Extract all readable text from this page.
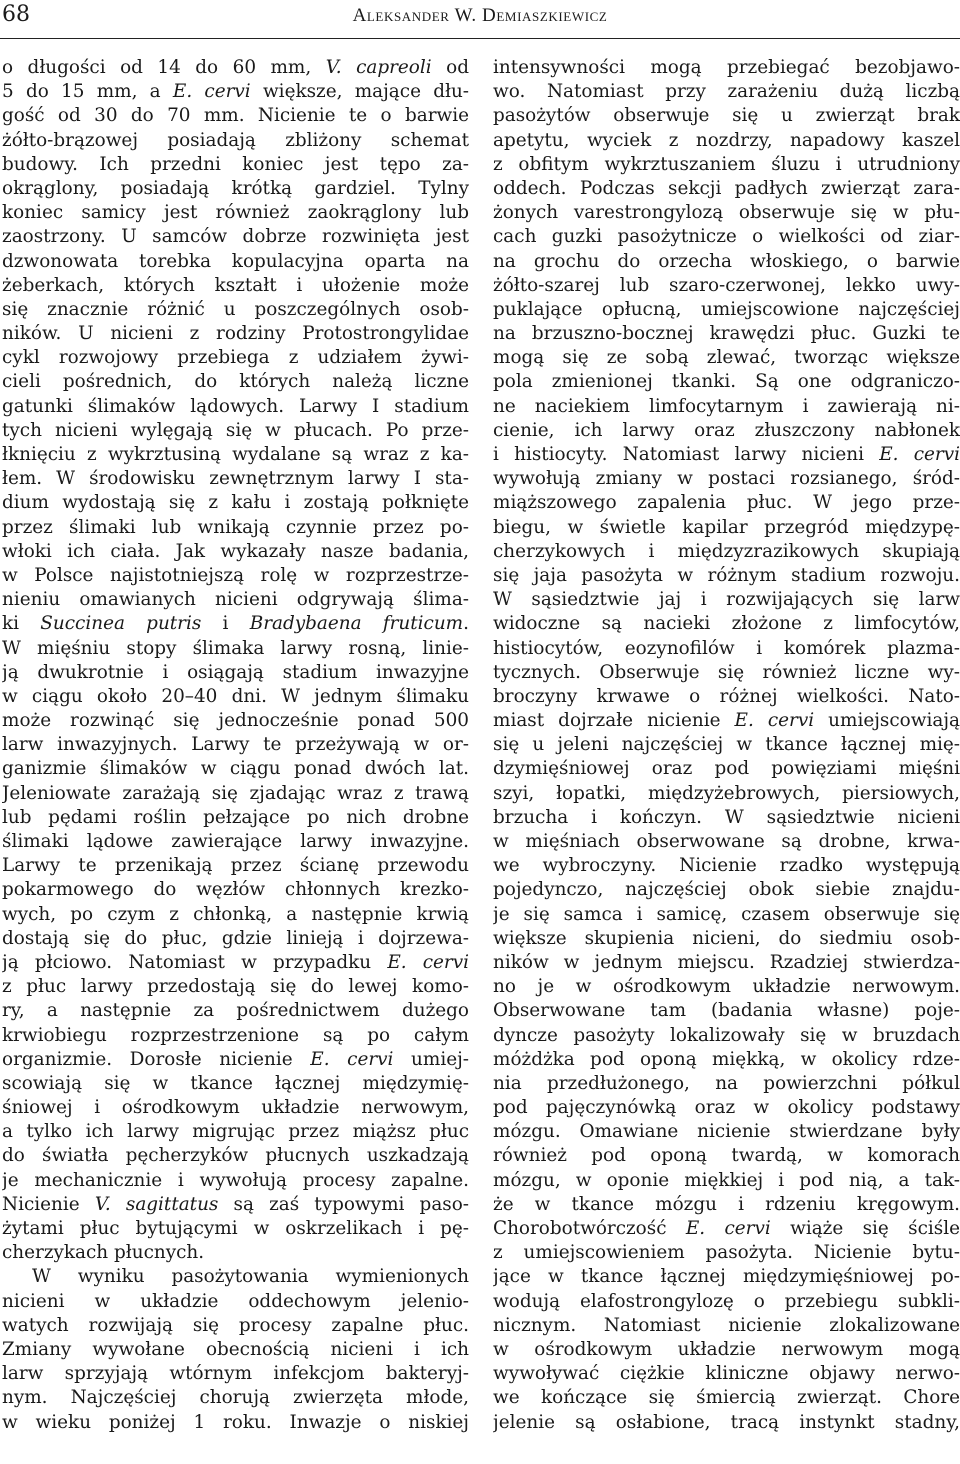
68	Aleksander W. Demiaszkiewicz
o długości od 14 do 60 mm, V. capreoli od
5 do 15 mm, a E. cervi większe, mające dłu-
gość od 30 do 70 mm. Nicienie te o barwie
żółto-brązowej posiadają zbliżony schemat
budowy. Ich przedni koniec jest tępo za-
okrąglony, posiadają krótką gardziel. Tylny
koniec samicy jest również zaokrąglony lub
zaostrzony. U samców dobrze rozwinięta jest
dzwonowata torebka kopulacyjna oparta na
żeberkach, których kształt i ułożenie może
się znacznie różnić u poszczególnych osob-
ników. U nicieni z rodziny Protostrongylidae
cykl rozwojowy przebiega z udziałem żywi-
cieli pośrednich, do których należą liczne
gatunki ślimaków lądowych. Larwy I stadium
tych nicieni wylęgają się w płucach. Po prze-
łknięciu z wykrztusiną wydalane są wraz z ka-
łem. W środowisku zewnętrznym larwy I sta-
dium wydostają się z kału i zostają połknięte
przez ślimaki lub wnikają czynnie przez po-
włoki ich ciała. Jak wykazały nasze badania,
w Polsce najistotniejszą rolę w rozprzestrze-
nieniu omawianych nicieni odgrywają ślima-
ki Succinea putris i Bradybaena fruticum.
W mięśniu stopy ślimaka larwy rosną, linie-
ją dwukrotnie i osiągają stadium inwazyjne
w ciągu około 20–40 dni. W jednym ślimaku
może rozwinąć się jednocześnie ponad 500
larw inwazyjnych. Larwy te przeżywają w or-
ganizmie ślimaków w ciągu ponad dwóch lat.
Jeleniowate zarażają się zjadając wraz z trawą
lub pędami roślin pełzające po nich drobne
ślimaki lądowe zawierające larwy inwazyjne.
Larwy te przenikają przez ścianę przewodu
pokarmowego do węzłów chłonnych krezko-
wych, po czym z chłonką, a następnie krwią
dostają się do płuc, gdzie linieją i dojrzewa-
ją płciowo. Natomiast w przypadku E. cervi
z płuc larwy przedostają się do lewej komo-
ry, a następnie za pośrednictwem dużego
krwiobiegu rozprzestrzenione są po całym
organizmie. Dorosłe nicienie E. cervi umiej-
scowiają się w tkance łącznej międzymię-
śniowej i ośrodkowym układzie nerwowym,
a tylko ich larwy migrując przez miąższ płuc
do światła pęcherzyków płucnych uszkadzają
je mechanicznie i wywołują procesy zapalne.
Nicienie V. sagittatus są zaś typowymi paso-
żytami płuc bytującymi w oskrzelikach i pę-
cherzykach płucnych.
W wyniku pasożytowania wymienionych
nicieni w układzie oddechowym jelenio-
watych rozwijają się procesy zapalne płuc.
Zmiany wywołane obecnością nicieni i ich
larw sprzyjają wtórnym infekcjom bakteryj-
nym. Najczęściej chorują zwierzęta młode,
w wieku poniżej 1 roku. Inwazje o niskiej
intensywności mogą przebiegać bezobjawo-
wo. Natomiast przy zarażeniu dużą liczbą
pasożytów obserwuje się u zwierząt brak
apetytu, wyciek z nozdrzy, napadowy kaszel
z obfitym wykrztuszaniem śluzu i utrudniony
oddech. Podczas sekcji padłych zwierząt zara-
żonych varestrongylozą obserwuje się w płu-
cach guzki pasożytnicze o wielkości od ziar-
na grochu do orzecha włoskiego, o barwie
żółto-szarej lub szaro-czerwonej, lekko uwy-
puklające opłucną, umiejscowione najczęściej
na brzuszno-bocznej krawędzi płuc. Guzki te
mogą się ze sobą zlewać, tworząc większe
pola zmienionej tkanki. Są one odgraniczo-
ne naciekiem limfocytarnym i zawierają ni-
cienie, ich larwy oraz złuszczony nabłonek
i histiocyty. Natomiast larwy nicieni E. cervi
wywołują zmiany w postaci rozsianego, śród-
miąższowego zapalenia płuc. W jego prze-
biegu, w świetle kapilar przegród międzypę-
cherzykowych i międzyzrazikowych skupiają
się jaja pasożyta w różnym stadium rozwoju.
W sąsiedztwie jaj i rozwijających się larw
widoczne są nacieki złożone z limfocytów,
histiocytów, eozynofilów i komórek plazma-
tycznych. Obserwuje się również liczne wy-
broczyny krwawe o różnej wielkości. Nato-
miast dojrzałe nicienie E. cervi umiejscowiają
się u jeleni najczęściej w tkance łącznej mię-
dzymięśniowej oraz pod powięziami mięśni
szyi, łopatki, międzyżebrowych, piersiowych,
brzucha i kończyn. W sąsiedztwie nicieni
w mięśniach obserwowane są drobne, krwa-
we wybroczyny. Nicienie rzadko występują
pojedynczo, najczęściej obok siebie znajdu-
je się samca i samicę, czasem obserwuje się
większe skupienia nicieni, do siedmiu osob-
ników w jednym miejscu. Rzadziej stwierdza-
no je w ośrodkowym układzie nerwowym.
Obserwowane tam (badania własne) poje-
dyncze pasożyty lokalizowały się w bruzdach
móżdżka pod oponą miękką, w okolicy rdze-
nia przedłużonego, na powierzchni półkul
pod pajęczynówką oraz w okolicy podstawy
mózgu. Omawiane nicienie stwierdzane były
również pod oponą twardą, w komorach
mózgu, w oponie miękkiej i pod nią, a tak-
że w tkance mózgu i rdzeniu kręgowym.
Chorobotwórczość E. cervi wiąże się ściśle
z umiejscowieniem pasożyta. Nicienie bytu-
jące w tkance łącznej międzymięśniowej po-
wodują elafostrongylozę o przebiegu subkli-
nicznym. Natomiast nicienie zlokalizowane
w ośrodkowym układzie nerwowym mogą
wywoływać ciężkie kliniczne objawy nerwo-
we kończące się śmiercią zwierząt. Chore
jelenie są osłabione, tracą instynkt stadny,
